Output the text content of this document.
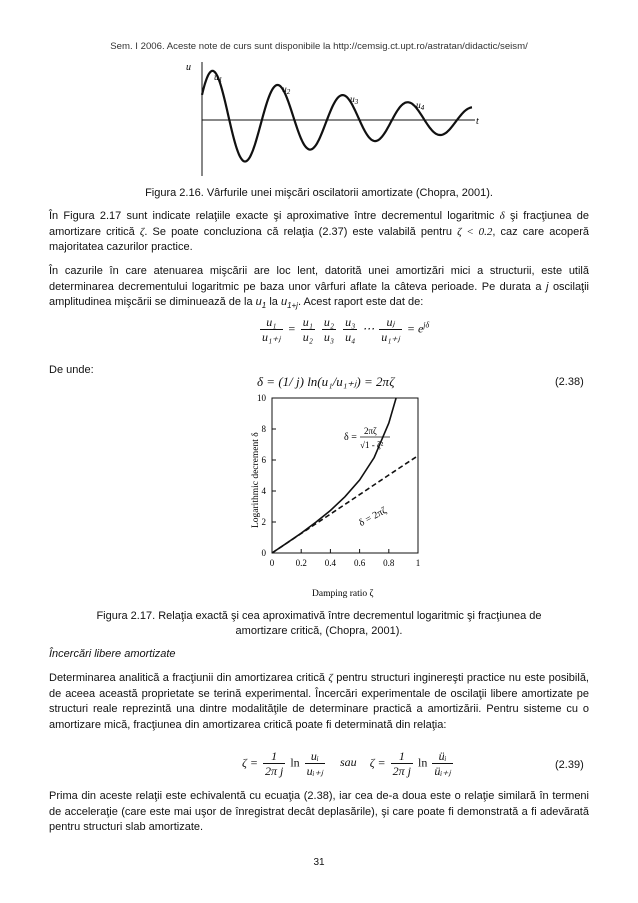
Sem. I 2006. Aceste note de curs sunt disponibile la http://cemsig.ct.upt.ro/astratan/didactic/seism/
u
t
$u_1$
$u_2$
$u_3$	$u_4$
Figura 2.16. Vârfurile unei mişcări oscilatorii amortizate (Chopra, 2001).
În Figura 2.17 sunt indicate relaţiile exacte şi aproximative între decrementul logaritmic δ şi fracţiunea de amortizare critică ζ. Se poate concluziona că relaţia (2.37) este valabilă pentru ζ < 0.2, caz care acoperă majoritatea cazurilor practice.
În cazurile în care atenuarea mişcării are loc lent, datorită unei amortizări mici a structurii, este utilă determinarea decrementului logaritmic pe baza unor vârfuri aflate la câteva perioade. Pe durata a j oscilaţii amplitudinea mişcării se diminuează de la $u_1$ la $u_{1+j}$. Acest raport este dat de:
$\frac{\text{u₁}}{\text{u₁₊ⱼ}} = \frac{\text{u₁}}{\text{u₂}}$
$\frac{\text{u₂}}{\text{u₃}}$
$\frac{\text{u₃}}{\text{u₄}}$ ⋯ $\frac{\text{uⱼ}}{\text{u₁₊ⱼ}} = e^{j\delta}$
De unde:
δ = (1/ j) ln(u₁/u₁₊ⱼ) = 2πζ	(2.38)
0 0.2 0.4 0.6 0.8 1
0
2
4
6
8
10
δ =
2πζ
√1 - ζ²
δ = 2πζ
Damping ratio ζ
Logarithmic decrement δ
Figura 2.17. Relaţia exactă şi cea aproximativă între decrementul logaritmic şi fracţiunea de
amortizare critică, (Chopra, 2001).
Încercări libere amortizate
Determinarea analitică a fracţiunii din amortizarea critică ζ pentru structuri inginereşti practice nu este posibilă, de aceea această proprietate se terină experimental. Încercări experimentale de oscilaţii libere amortizate pe structuri reale reprezintă una dintre modalităţile de determinare practică a amortizării. Pentru sisteme cu o amortizare mică, fracţiunea din amortizarea critică poate fi determinată din relaţia:
$\zeta = \frac{1}{\text{2π j}}$ $\ln \frac{\text{uᵢ}}{\text{uᵢ₊ⱼ}}$ sau $\zeta = \frac{1}{\text{2π j}}$ $\ln \frac{\text{üᵢ}}{\text{üᵢ₊ⱼ}}$	(2.39)
Prima din aceste relaţii este echivalentă cu ecuaţia (2.38), iar cea de-a doua este o relaţie similară în termeni de acceleraţie (care este mai uşor de înregistrat decât deplasările), şi care poate fi demonstrată a fi adevărată pentru structuri slab amortizate.
31
